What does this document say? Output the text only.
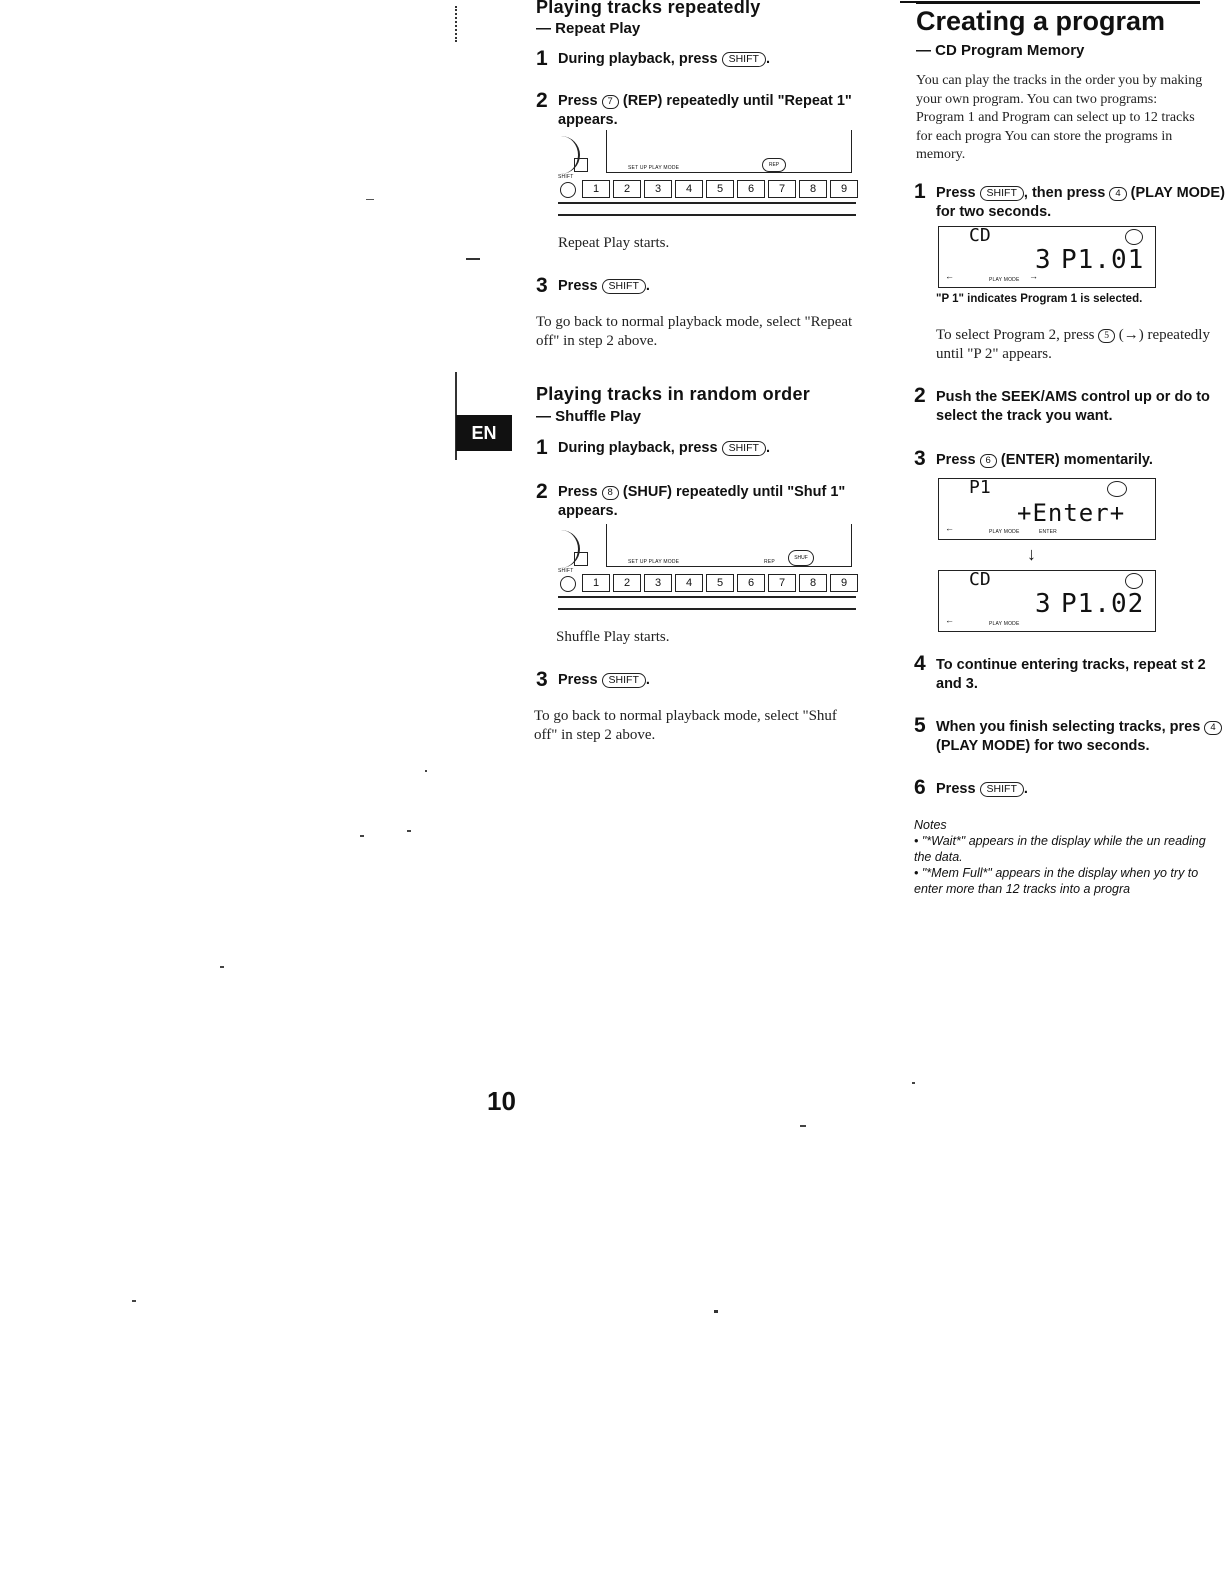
EN
Playing tracks repeatedly
— Repeat Play
1 During playback, press SHIFT .
2 Press 7 (REP) repeatedly until "Repeat 1" appears.
SHIFT
SET UP PLAY MODE	REP
1	2	3	4	5	6	7	8	9
Repeat Play starts.
3 Press SHIFT .
To go back to normal playback mode, select "Repeat off" in step 2 above.
Playing tracks in random order
— Shuffle Play
1 During playback, press SHIFT .
2 Press 8 (SHUF) repeatedly until "Shuf 1" appears.
SHIFT
SET UP PLAY MODE	REP
SHUF
1	2	3	4	5	6	7	8	9
Shuffle Play starts.
3 Press SHIFT .
To go back to normal playback mode, select "Shuf off" in step 2 above.
Creating a program
— CD Program Memory
You can play the tracks in the order you by making your own program. You can two programs: Program 1 and Program can select up to 12 tracks for each progra You can store the programs in memory.
1 Press SHIFT , then press 4 (PLAY MODE) for two seconds.
CD
3 P1.01
PLAY MODE →
←
"P 1" indicates Program 1 is selected.
To select Program 2, press 5 (→) repeatedly until "P 2" appears.
2 Push the SEEK/AMS control up or do to select the track you want.
3 Press 6 (ENTER) momentarily.
P1
+Enter+
PLAY MODE	ENTER
←
↓
CD
3 P1.02
PLAY MODE
←
4 To continue entering tracks, repeat st 2 and 3.
5 When you finish selecting tracks, pres 4 (PLAY MODE) for two seconds.
6 Press SHIFT .
Notes
• "*Wait*" appears in the display while the un reading the data.
• "*Mem Full*" appears in the display when yo try to enter more than 12 tracks into a progra
10
